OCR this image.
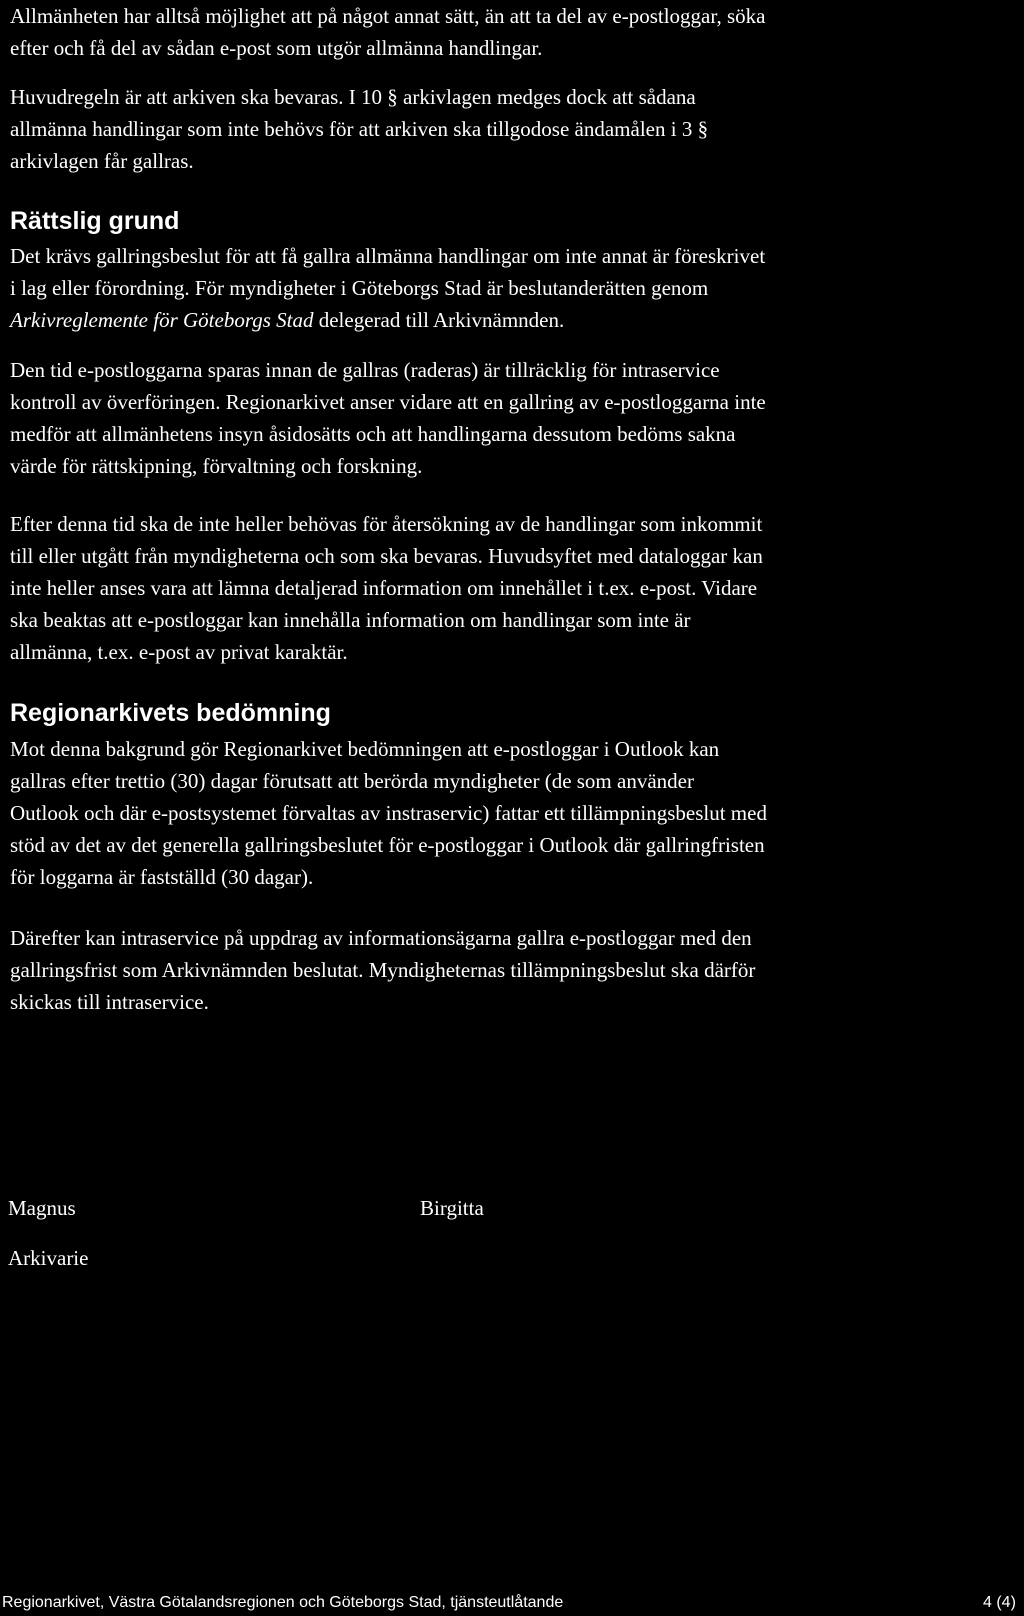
Allmänheten har alltså möjlighet att på något annat sätt, än att ta del av e-postloggar, söka
efter och få del av sådan e-post som utgör allmänna handlingar.

Huvudregeln är att arkiven ska bevaras. I 10 § arkivlagen medges dock att sådana
allmänna handlingar som inte behövs för att arkiven ska tillgodose ändamålen i 3 §
arkivlagen får gallras.

Rättslig grund

Det krävs gallringsbeslut för att få gallra allmänna handlingar om inte annat är föreskrivet
i lag eller förordning. För myndigheter i Göteborgs Stad är beslutanderätten genom
Arkivreglemente för Göteborgs Stad delegerad till Arkivnämnden.

Den tid e-postloggarna sparas innan de gallras (raderas) är tillräcklig för intraservice
kontroll av överföringen. Regionarkivet anser vidare att en gallring av e-postloggarna inte
medför att allmänhetens insyn åsidosätts och att handlingarna dessutom bedöms sakna
värde för rättskipning, förvaltning och forskning.

Efter denna tid ska de inte heller behövas för återsökning av de handlingar som inkommit
till eller utgått från myndigheterna och som ska bevaras. Huvudsyftet med dataloggar kan
inte heller anses vara att lämna detaljerad information om innehållet i t.ex. e-post. Vidare
ska beaktas att e-postloggar kan innehålla information om handlingar som inte är
allmänna, t.ex. e-post av privat karaktär.

Regionarkivets bedömning

Mot denna bakgrund gör Regionarkivet bedömningen att e-postloggar i Outlook kan
gallras efter trettio (30) dagar förutsatt att berörda myndigheter (de som använder
Outlook och där e-postsystemet förvaltas av instraservic) fattar ett tillämpningsbeslut med
stöd av det av det generella gallringsbeslutet för e-postloggar i Outlook där gallringfristen
för loggarna är fastställd (30 dagar).

Därefter kan intraservice på uppdrag av informationsägarna gallra e-postloggar med den
gallringsfrist som Arkivnämnden beslutat. Myndigheternas tillämpningsbeslut ska därför
skickas till intraservice.

Magnus
Arkivarie
Birgitta
Regionarkivet, Västra Götalandsregionen och Göteborgs Stad, tjänsteutlåtande	4 (4)
